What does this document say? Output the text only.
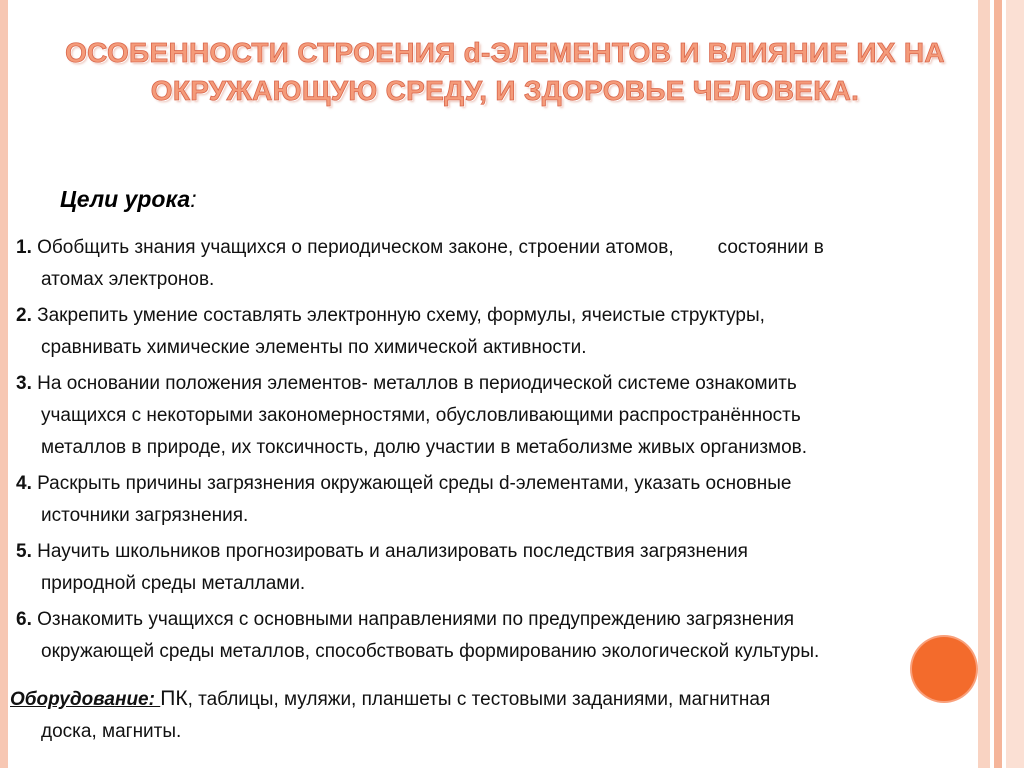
ОСОБЕННОСТИ СТРОЕНИЯ d-ЭЛЕМЕНТОВ И ВЛИЯНИЕ ИХ НА
ОКРУЖАЮЩУЮ СРЕДУ, И ЗДОРОВЬЕ ЧЕЛОВЕКА.
Цели урока:
1. Обобщить знания учащихся о периодическом законе, строении атомов, состоянии в
атомах электронов.
2. Закрепить умение составлять электронную схему, формулы, ячеистые структуры,
сравнивать химические элементы по химической активности.
3. На основании положения элементов- металлов в периодической системе ознакомить
учащихся с некоторыми закономерностями, обусловливающими распространённость
металлов в природе, их токсичность, долю участии в метаболизме живых организмов.
4. Раскрыть причины загрязнения окружающей среды d-элементами, указать основные
источники загрязнения.
5. Научить школьников прогнозировать и анализировать последствия загрязнения
природной среды металлами.
6. Ознакомить учащихся с основными направлениями по предупреждению загрязнения
окружающей среды металлов, способствовать формированию экологической культуры.
Оборудование: ПК, таблицы, муляжи, планшеты с тестовыми заданиями, магнитная
доска, магниты.
